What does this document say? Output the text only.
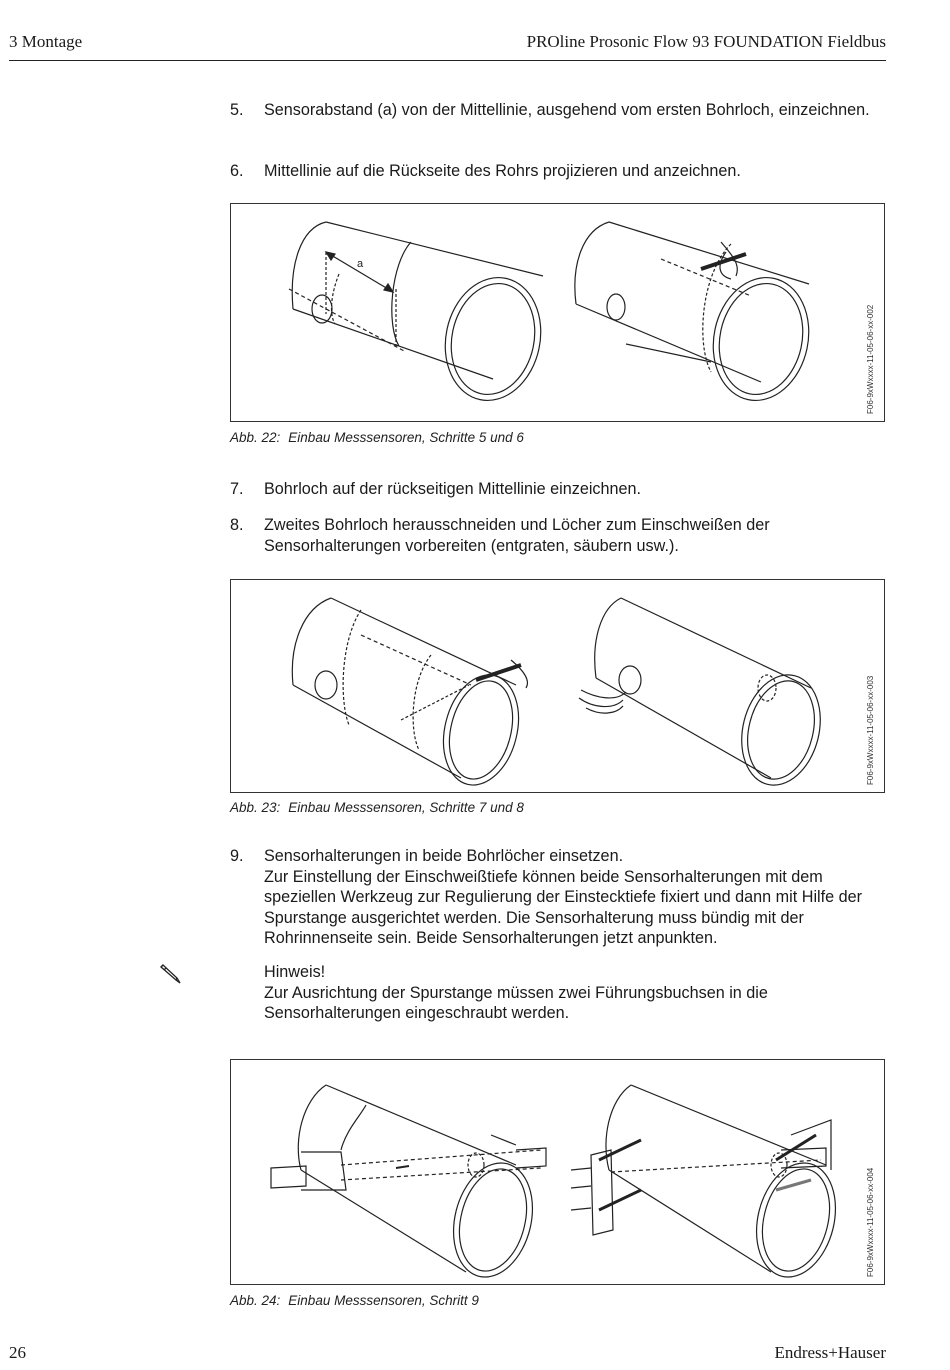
3 Montage	PROline Prosonic Flow 93 FOUNDATION Fieldbus
5. Sensorabstand (a) von der Mittellinie, ausgehend vom ersten Bohrloch, einzeichnen.
6. Mittellinie auf die Rückseite des Rohrs projizieren und anzeichnen.
a
F06-9xWxxxx-11-05-06-xx-002
Abb. 22: Einbau Messsensoren, Schritte 5 und 6
7. Bohrloch auf der rückseitigen Mittellinie einzeichnen.
8. Zweites Bohrloch herausschneiden und Löcher zum Einschweißen der Sensorhalterungen vorbereiten (entgraten, säubern usw.).
F06-9xWxxxx-11-05-06-xx-003
Abb. 23: Einbau Messsensoren, Schritte 7 und 8
9. Sensorhalterungen in beide Bohrlöcher einsetzen.
Zur Einstellung der Einschweißtiefe können beide Sensorhalterungen mit dem speziellen Werkzeug zur Regulierung der Einstecktiefe fixiert und dann mit Hilfe der Spurstange ausgerichtet werden. Die Sensorhalterung muss bündig mit der Rohrinnenseite sein. Beide Sensorhalterungen jetzt anpunkten.
Hinweis!
Zur Ausrichtung der Spurstange müssen zwei Führungsbuchsen in die Sensorhalterungen eingeschraubt werden.
F06-9xWxxxx-11-05-06-xx-004
Abb. 24: Einbau Messsensoren, Schritt 9
26	Endress+Hauser
